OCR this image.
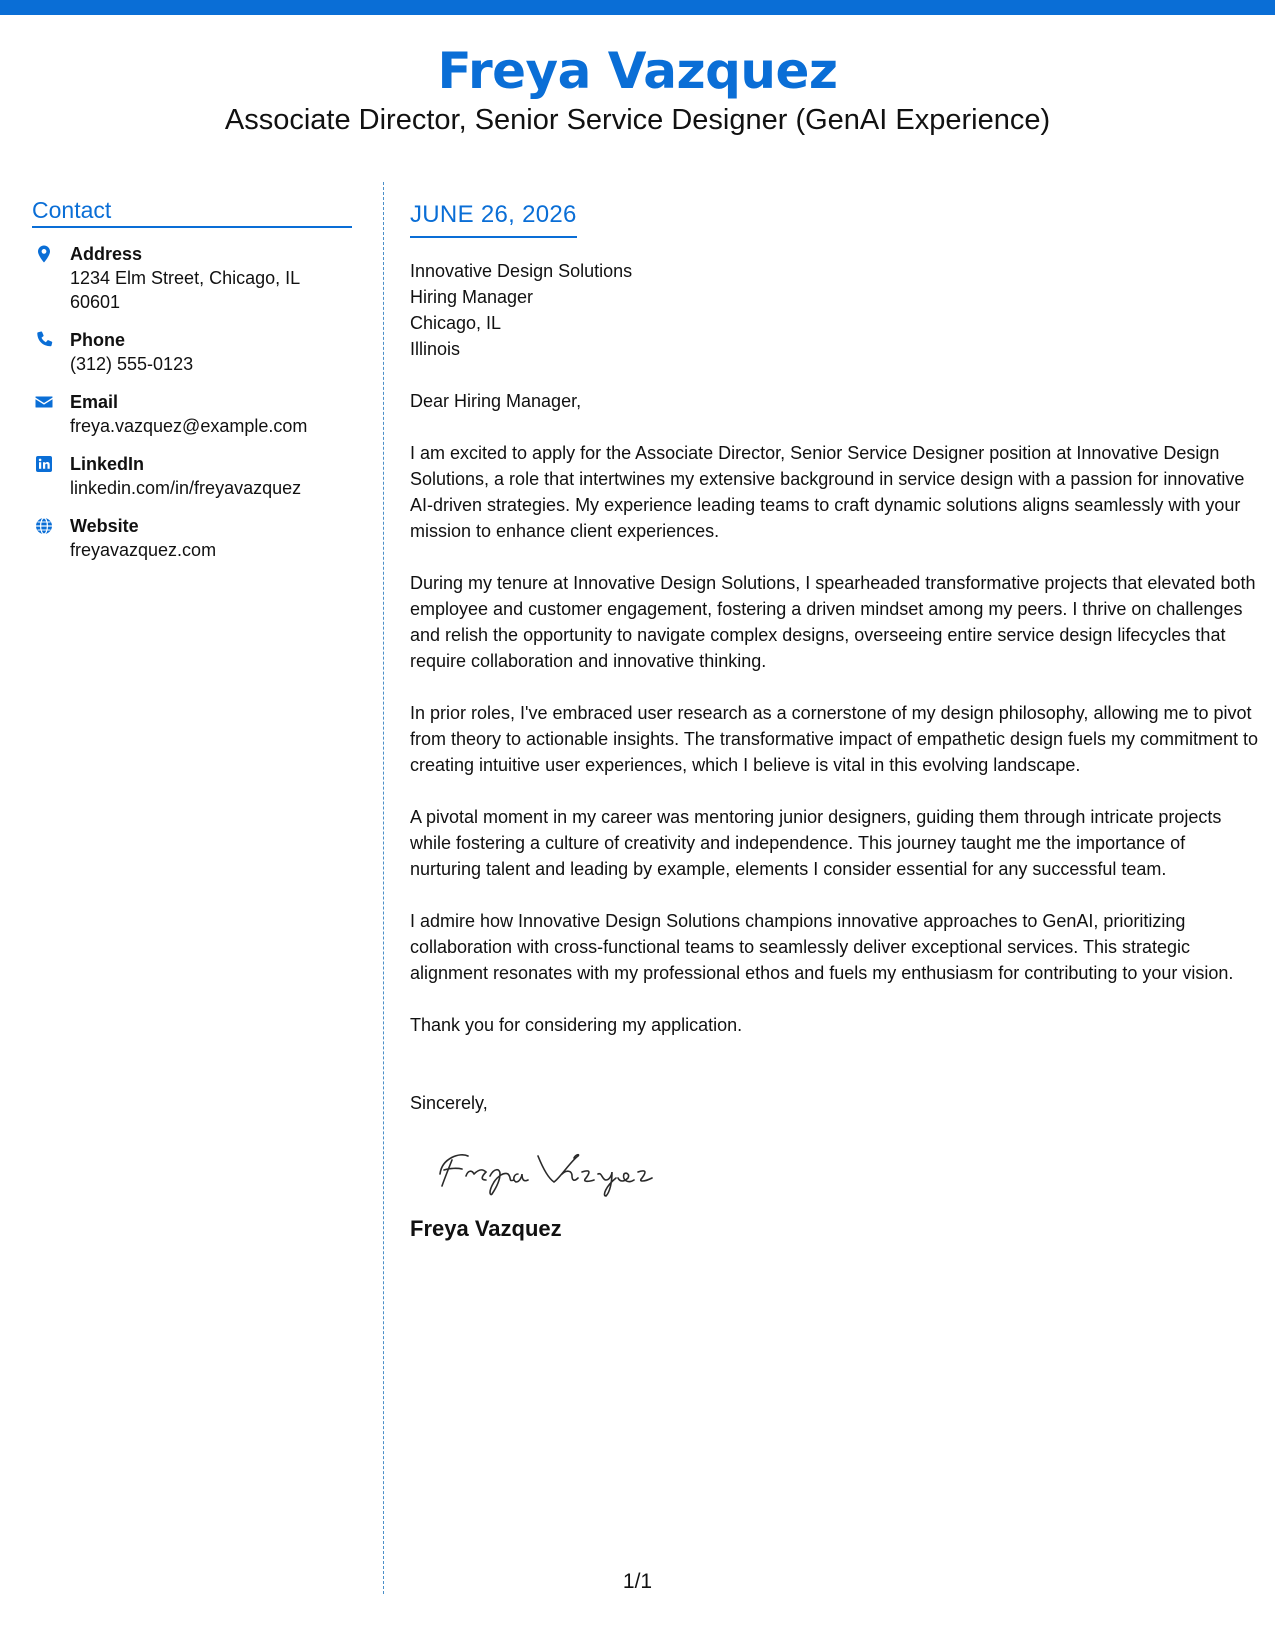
Freya Vazquez
Associate Director, Senior Service Designer (GenAI Experience)
Contact
Address
1234 Elm Street, Chicago, IL 60601
Phone
(312) 555-0123
Email
freya.vazquez@example.com
LinkedIn
linkedin.com/in/freyavazquez
Website
freyavazquez.com
JUNE 26, 2026
Innovative Design Solutions
Hiring Manager
Chicago, IL
Illinois
Dear Hiring Manager,

I am excited to apply for the Associate Director, Senior Service Designer position at Innovative Design Solutions, a role that intertwines my extensive background in service design with a passion for innovative AI-driven strategies. My experience leading teams to craft dynamic solutions aligns seamlessly with your mission to enhance client experiences.

During my tenure at Innovative Design Solutions, I spearheaded transformative projects that elevated both employee and customer engagement, fostering a driven mindset among my peers. I thrive on challenges and relish the opportunity to navigate complex designs, overseeing entire service design lifecycles that require collaboration and innovative thinking.

In prior roles, I've embraced user research as a cornerstone of my design philosophy, allowing me to pivot from theory to actionable insights. The transformative impact of empathetic design fuels my commitment to creating intuitive user experiences, which I believe is vital in this evolving landscape.

A pivotal moment in my career was mentoring junior designers, guiding them through intricate projects while fostering a culture of creativity and independence. This journey taught me the importance of nurturing talent and leading by example, elements I consider essential for any successful team.

I admire how Innovative Design Solutions champions innovative approaches to GenAI, prioritizing collaboration with cross-functional teams to seamlessly deliver exceptional services. This strategic alignment resonates with my professional ethos and fuels my enthusiasm for contributing to your vision.

Thank you for considering my application.
Sincerely,
Freya Vazquez
1/1
